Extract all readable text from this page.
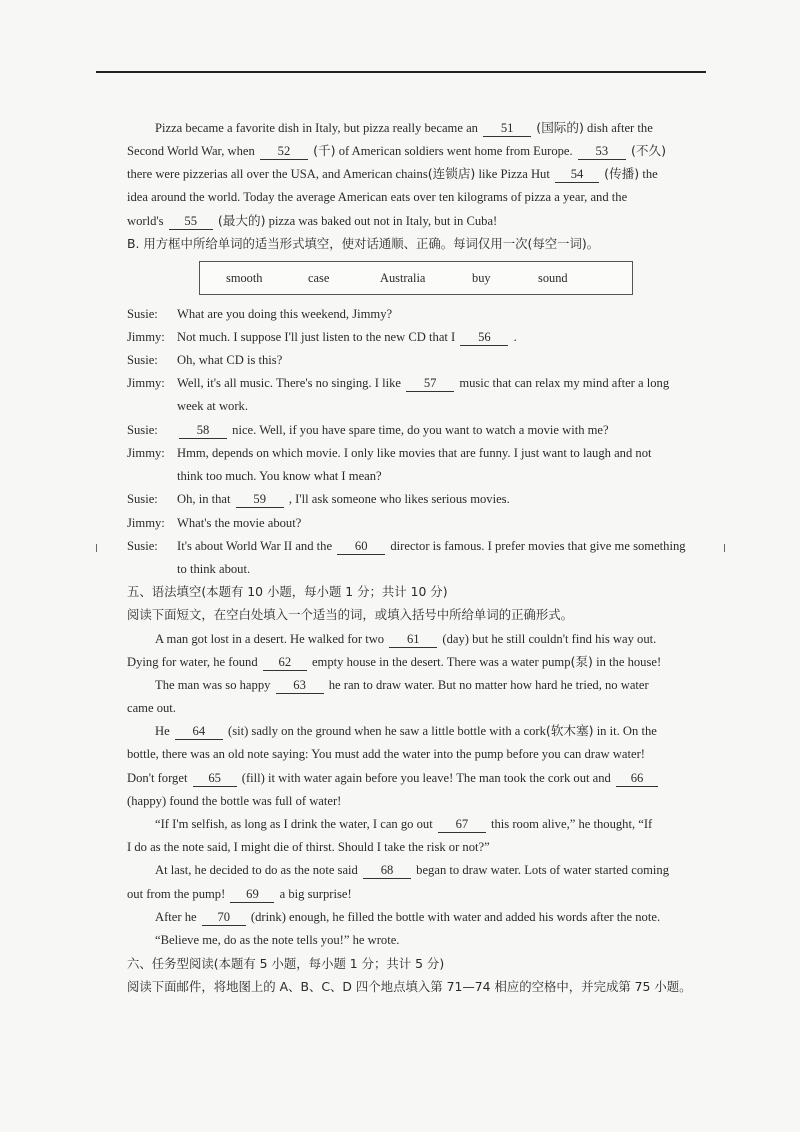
Pizza became a favorite dish in Italy, but pizza really became an 51 (国际的) dish after the
Second World War, when 52 (千) of American soldiers went home from Europe. 53 (不久)
there were pizzerias all over the USA, and American chains(连锁店) like Pizza Hut 54 (传播) the
idea around the world. Today the average American eats over ten kilograms of pizza a year, and the
world's 55 (最大的) pizza was baked out not in Italy, but in Cuba!
B. 用方框中所给单词的适当形式填空，使对话通顺、正确。每词仅用一次(每空一词)。
smooth	case	Australia	buy	sound
Susie: What are you doing this weekend, Jimmy?
Jimmy: Not much. I suppose I'll just listen to the new CD that I 56 .
Susie: Oh, what CD is this?
Jimmy: Well, it's all music. There's no singing. I like 57 music that can relax my mind after a long
week at work.
Susie:	58 nice. Well, if you have spare time, do you want to watch a movie with me?
Jimmy: Hmm, depends on which movie. I only like movies that are funny. I just want to laugh and not
think too much. You know what I mean?
Susie: Oh, in that 59 , I'll ask someone who likes serious movies.
Jimmy: What's the movie about?
Susie: It's about World War II and the 60 director is famous. I prefer movies that give me something
to think about.
五、语法填空(本题有 10 小题，每小题 1 分；共计 10 分)
阅读下面短文，在空白处填入一个适当的词，或填入括号中所给单词的正确形式。
A man got lost in a desert. He walked for two 61 (day) but he still couldn't find his way out.
Dying for water, he found 62 empty house in the desert. There was a water pump(泵) in the house!
The man was so happy 63 he ran to draw water. But no matter how hard he tried, no water
came out.
He 64 (sit) sadly on the ground when he saw a little bottle with a cork(软木塞) in it. On the
bottle, there was an old note saying: You must add the water into the pump before you can draw water!
Don't forget 65 (fill) it with water again before you leave! The man took the cork out and 66
(happy) found the bottle was full of water!
“If I'm selfish, as long as I drink the water, I can go out 67 this room alive,” he thought, “If
I do as the note said, I might die of thirst. Should I take the risk or not?”
At last, he decided to do as the note said 68 began to draw water. Lots of water started coming
out from the pump! 69 a big surprise!
After he 70 (drink) enough, he filled the bottle with water and added his words after the note.
“Believe me, do as the note tells you!” he wrote.
六、任务型阅读(本题有 5 小题，每小题 1 分；共计 5 分)
阅读下面邮件，将地图上的 A、B、C、D 四个地点填入第 71—74 相应的空格中，并完成第 75 小题。
